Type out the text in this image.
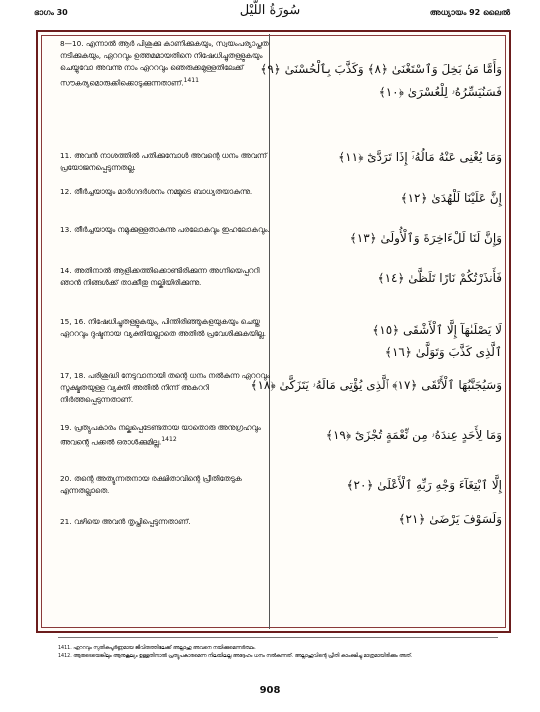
ഭാഗം 30	سُورَةُ اللَّيْل	അധ്യായം 92 ലൈൽ

8—10. എന്നാൽ ആർ പിശുക്കു കാണിക്കുകയും, സ്വയംപര്യാപ്തത നടിക്കുകയും, ഏററവും ഉത്തമമായതിനെ നിഷേധിച്ചുതള്ളുകയും ചെയ്യുവോ അവന്നു നാം ഏററവും ഞെരുക്കമുള്ളതിലേക്ക് സൗകര്യമൊരുക്കിക്കൊടുക്കുന്നതാണ്.$^{1411}$

11. അവൻ നാശത്തിൽ പതിക്കുമ്പോൾ അവന്റെ ധനം അവന്ന് പ്രയോജനപ്പെടുന്നതല്ല.

12. തീർച്ചയായും മാർഗദർശനം നമ്മുടെ ബാധ്യതയാകുന്നു.

13. തീർച്ചയായും നമുക്കുള്ളതാകുന്നു പരലോകവും ഇഹലോകവും.

14. അതിനാൽ ആളിക്കത്തിക്കൊണ്ടിരിക്കുന്ന അഗ്നിയെപ്പററി ഞാൻ നിങ്ങൾക്ക് താക്കീതു നല്കിയിരിക്കുന്നു.

15, 16. നിഷേധിച്ചുതള്ളുകയും, പിന്തിരിഞ്ഞുകളയുകയും ചെയ്ത ഏററവും ദുഷ്ടനായ വ്യക്തിയല്ലാതെ അതിൽ പ്രവേശിക്കുകയില്ല.

17, 18. പരിശുദ്ധി നേടുവാനായി തന്റെ ധനം നൽകുന്ന ഏററവും സൂക്ഷ്മതയുള്ള വ്യക്തി അതിൽ നിന്ന് അകററി നിർത്തപ്പെടുന്നതാണ്.

19. പ്രത്യുപകാരം നല്കപ്പെടേണ്ടതായ യാതൊരു അനുഗ്രഹവും അവന്റെ പക്കൽ ഒരാൾക്കുമില്ല.$^{1412}$

20. തന്റെ അത്യുന്നതനായ രക്ഷിതാവിന്റെ പ്രീതിതേടുക എന്നതല്ലാതെ.

21. വഴിയെ അവൻ തൃപ്തിപ്പെടുന്നതാണ്.

وَأَمَّا مَنۢ بَخِلَ وَٱسْتَغْنَىٰ ﴿٨﴾ وَكَذَّبَ بِٱلْحُسْنَىٰ ﴿٩﴾
فَسَنُيَسِّرُهُۥ لِلْعُسْرَىٰ ﴿١٠﴾
وَمَا يُغْنِى عَنْهُ مَالُهُۥٓ إِذَا تَرَدَّىٰٓ ﴿١١﴾
إِنَّ عَلَيْنَا لَلْهُدَىٰ ﴿١٢﴾
وَإِنَّ لَنَا لَلْءَاخِرَةَ وَٱلْأُولَىٰ ﴿١٣﴾
فَأَنذَرْتُكُمْ نَارًا تَلَظَّىٰ ﴿١٤﴾
لَا يَصْلَىٰهَآ إِلَّا ٱلْأَشْقَى ﴿١٥﴾
ٱلَّذِى كَذَّبَ وَتَوَلَّىٰ ﴿١٦﴾
وَسَيُجَنَّبُهَا ٱلْأَتْقَى ﴿١٧﴾ ٱلَّذِى يُؤْتِى مَالَهُۥ يَتَزَكَّىٰ ﴿١٨﴾
وَمَا لِأَحَدٍ عِندَهُۥ مِن نِّعْمَةٍ تُجْزَىٰٓ ﴿١٩﴾
إِلَّا ٱبْتِغَآءَ وَجْهِ رَبِّهِ ٱلْأَعْلَىٰ ﴿٢٠﴾
وَلَسَوْفَ يَرْضَىٰ ﴿٢١﴾
1411. ഏററവും സുതികപൂർണ്ണമായ ജീവിതത്തിലേക്ക് അല്ലാഹു അവനെ നയിക്കുമെന്നർത്ഥം.
1412. ആരുടെയെങ്കിലും ആനുകൂല്യം ഉള്ളതിനാൽ പ്രത്യുപകാരമെന്ന നിലയിലല്ല അദ്ദേഹം ധനം നൽകുന്നത്. അല്ലാഹുവിന്റെ പ്രീതി കാംക്ഷിച്ചു മാത്രമായിരിക്കും അത്.
908
